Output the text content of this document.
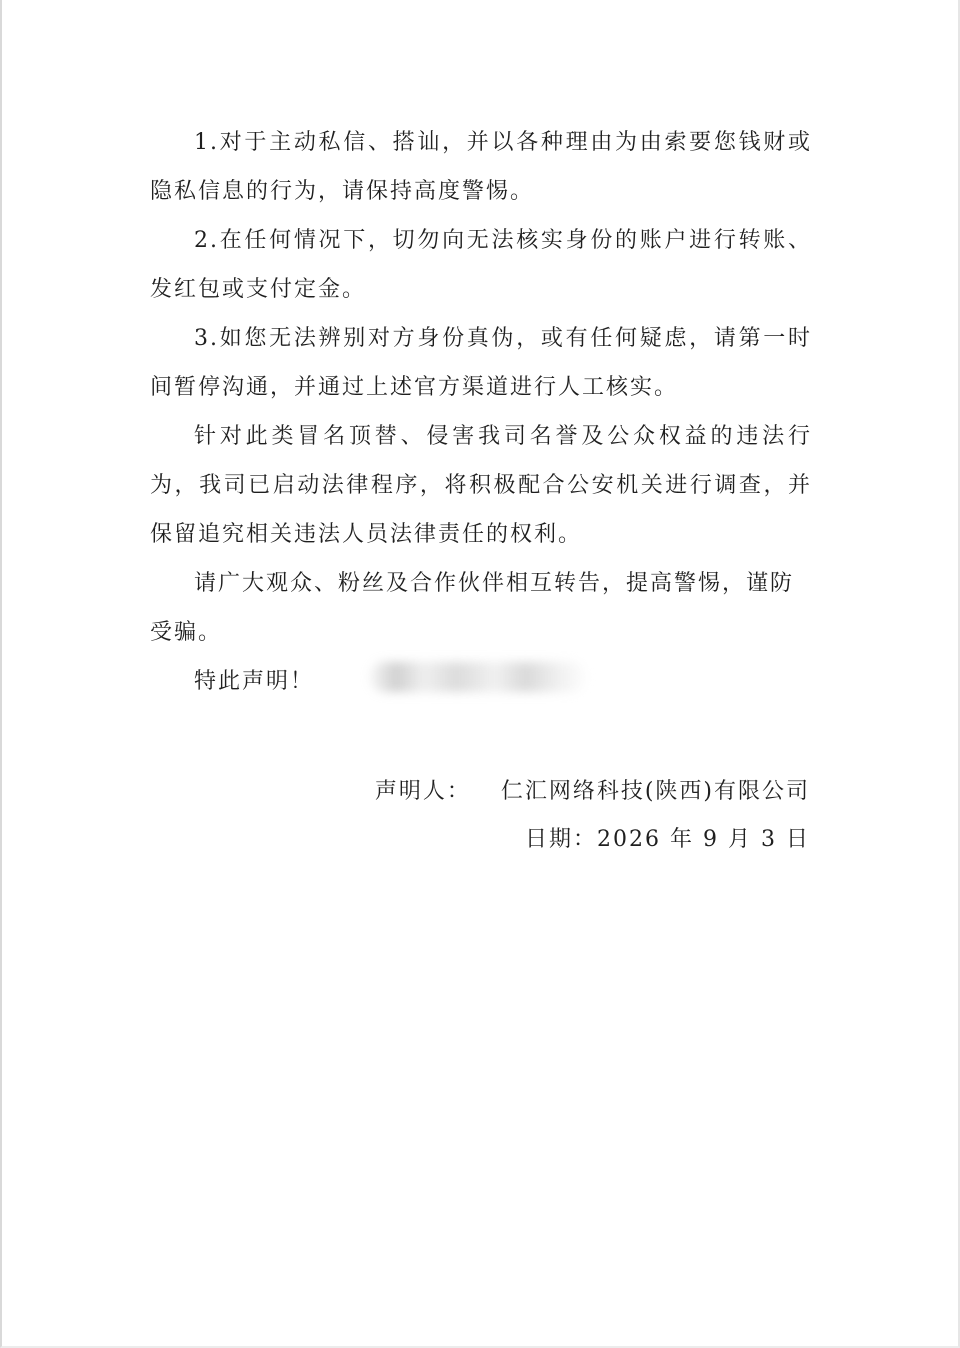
1.对于主动私信、搭讪，并以各种理由为由索要您钱财或隐私信息的行为，请保持高度警惕。

2.在任何情况下，切勿向无法核实身份的账户进行转账、发红包或支付定金。

3.如您无法辨别对方身份真伪，或有任何疑虑，请第一时间暂停沟通，并通过上述官方渠道进行人工核实。

针对此类冒名顶替、侵害我司名誉及公众权益的违法行为，我司已启动法律程序，将积极配合公安机关进行调查，并保留追究相关违法人员法律责任的权利。

请广大观众、粉丝及合作伙伴相互转告，提高警惕，谨防受骗。

特此声明！

声明人： 仁汇网络科技(陕西)有限公司
日期：2026 年 9 月 3 日
